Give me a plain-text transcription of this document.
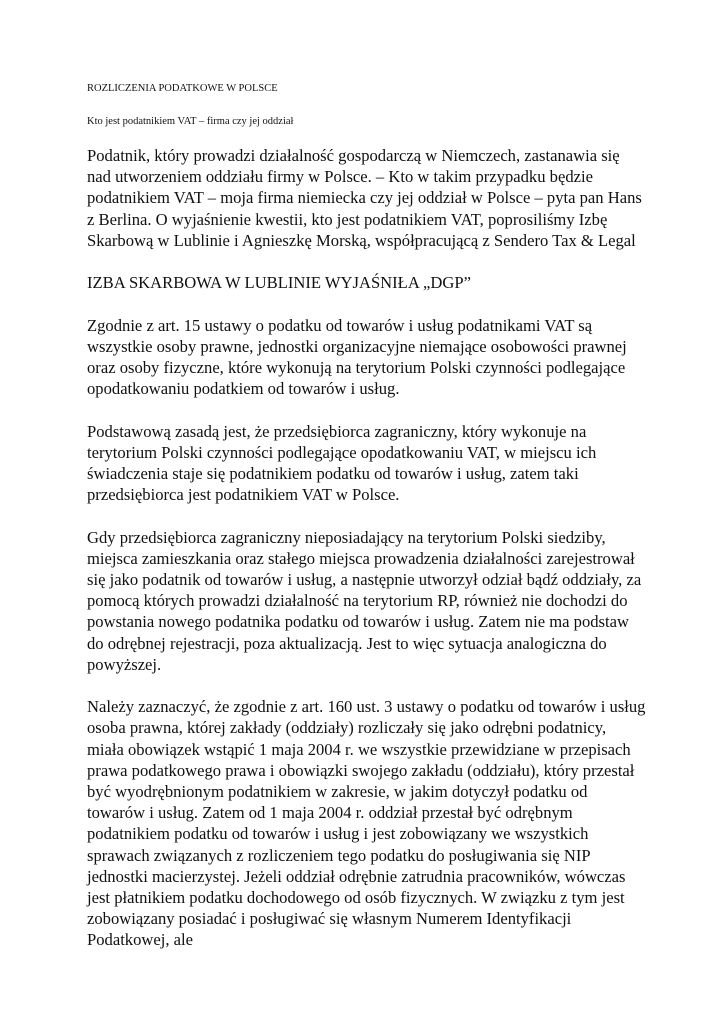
ROZLICZENIA PODATKOWE W POLSCE

Kto jest podatnikiem VAT – firma czy jej oddział

Podatnik, który prowadzi działalność gospodarczą w Niemczech, zastanawia się nad utworzeniem oddziału firmy w Polsce. – Kto w takim przypadku będzie podatnikiem VAT – moja firma niemiecka czy jej oddział w Polsce – pyta pan Hans z Berlina. O wyjaśnienie kwestii, kto jest podatnikiem VAT, poprosiliśmy Izbę Skarbową w Lublinie i Agnieszkę Morską, współpracującą z Sendero Tax & Legal

IZBA SKARBOWA W LUBLINIE WYJAŚNIŁA „DGP”

Zgodnie z art. 15 ustawy o podatku od towarów i usług podatnikami VAT są wszystkie osoby prawne, jednostki organizacyjne niemające osobowości prawnej oraz osoby fizyczne, które wykonują na terytorium Polski czynności podlegające opodatkowaniu podatkiem od towarów i usług.

Podstawową zasadą jest, że przedsiębiorca zagraniczny, który wykonuje na terytorium Polski czynności podlegające opodatkowaniu VAT, w miejscu ich świadczenia staje się podatnikiem podatku od towarów i usług, zatem taki przedsiębiorca jest podatnikiem VAT w Polsce.

Gdy przedsiębiorca zagraniczny nieposiadający na terytorium Polski siedziby, miejsca zamieszkania oraz stałego miejsca prowadzenia działalności zarejestrował się jako podatnik od towarów i usług, a następnie utworzył odział bądź oddziały, za pomocą których prowadzi działalność na terytorium RP, również nie dochodzi do powstania nowego podatnika podatku od towarów i usług. Zatem nie ma podstaw do odrębnej rejestracji, poza aktualizacją. Jest to więc sytuacja analogiczna do powyższej.

Należy zaznaczyć, że zgodnie z art. 160 ust. 3 ustawy o podatku od towarów i usług osoba prawna, której zakłady (oddziały) rozliczały się jako odrębni podatnicy, miała obowiązek wstąpić 1 maja 2004 r. we wszystkie przewidziane w przepisach prawa podatkowego prawa i obowiązki swojego zakładu (oddziału), który przestał być wyodrębnionym podatnikiem w zakresie, w jakim dotyczył podatku od towarów i usług. Zatem od 1 maja 2004 r. oddział przestał być odrębnym podatnikiem podatku od towarów i usług i jest zobowiązany we wszystkich sprawach związanych z rozliczeniem tego podatku do posługiwania się NIP jednostki macierzystej. Jeżeli oddział odrębnie zatrudnia pracowników, wówczas jest płatnikiem podatku dochodowego od osób fizycznych. W związku z tym jest zobowiązany posiadać i posługiwać się własnym Numerem Identyfikacji Podatkowej, ale
